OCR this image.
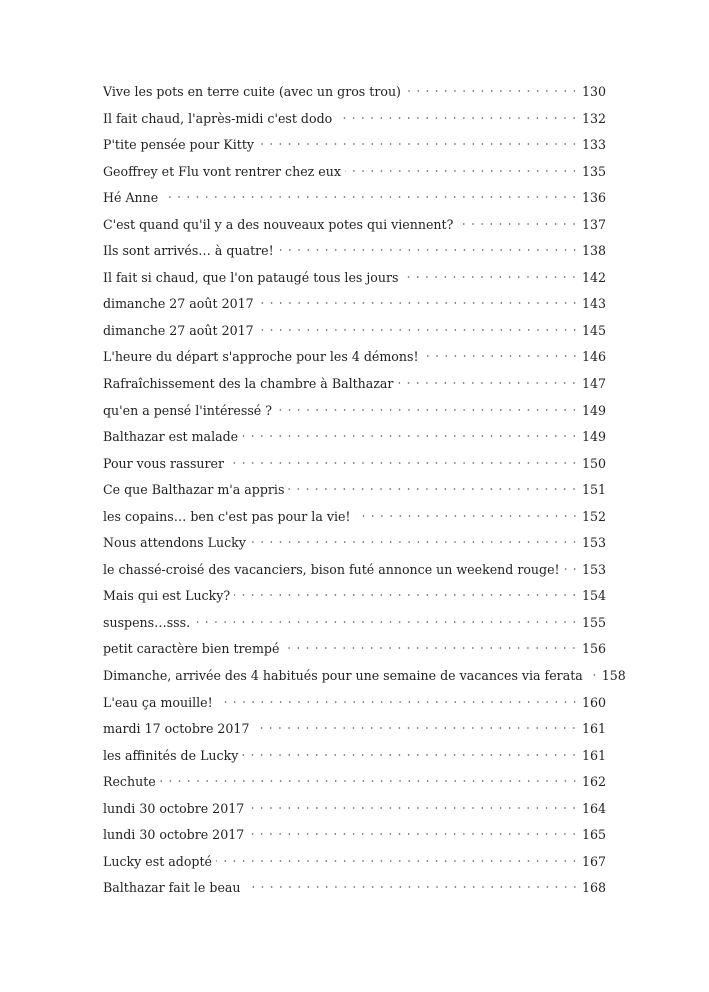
Vive les pots en terre cuite (avec un gros trou)	130
Il fait chaud, l'après-midi c'est dodo	132
P'tite pensée pour Kitty	133
Geoffrey et Flu vont rentrer chez eux	135
Hé Anne	136
C'est quand qu'il y a des nouveaux potes qui viennent?	137
Ils sont arrivés… à quatre!	138
Il fait si chaud, que l'on pataugé tous les jours	142
dimanche 27 août 2017	143
dimanche 27 août 2017	145
L'heure du départ s'approche pour les 4 démons!	146
Rafraîchissement des la chambre à Balthazar	147
qu'en a pensé l'intéressé ?	149
Balthazar est malade	149
Pour vous rassurer	150
Ce que Balthazar m'a appris	151
les copains… ben c'est pas pour la vie!	152
Nous attendons Lucky	153
le chassé-croisé des vacanciers, bison futé annonce un weekend rouge!	153
Mais qui est Lucky?	154
suspens…sss.	155
petit caractère bien trempé	156
Dimanche, arrivée des 4 habitués pour une semaine de vacances via ferata	158
L'eau ça mouille!	160
mardi 17 octobre 2017	161
les affinités de Lucky	161
Rechute	162
lundi 30 octobre 2017	164
lundi 30 octobre 2017	165
Lucky est adopté	167
Balthazar fait le beau	168
